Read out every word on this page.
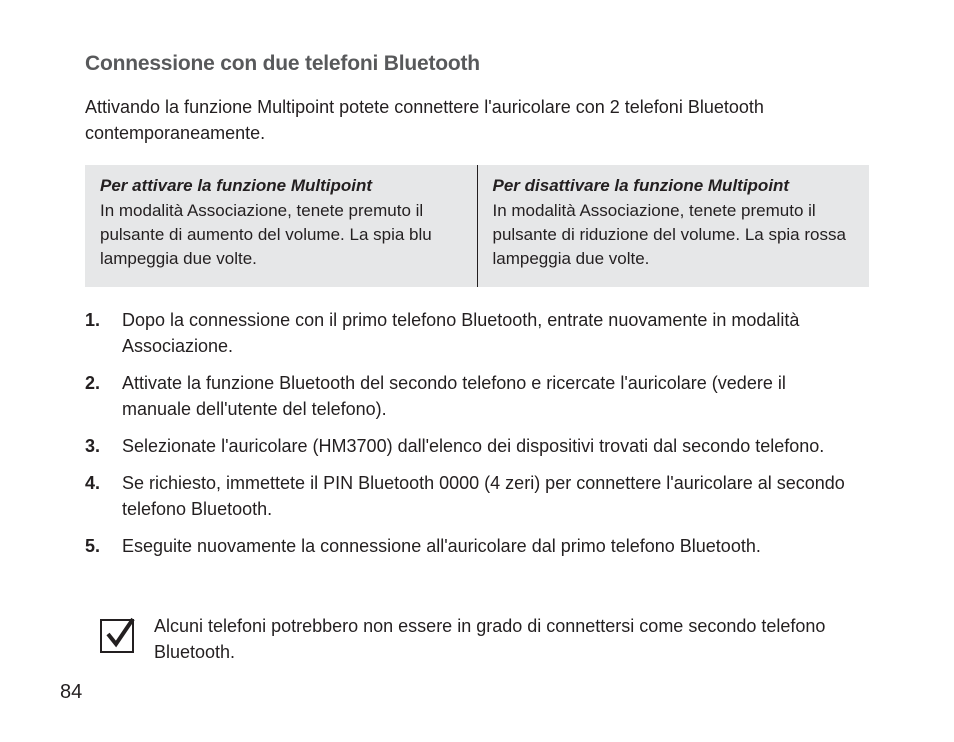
Connessione con due telefoni Bluetooth
Attivando la funzione Multipoint potete connettere l'auricolare con 2 telefoni Bluetooth contemporaneamente.
Per attivare la funzione Multipoint
In modalità Associazione, tenete premuto il pulsante di aumento del volume. La spia blu lampeggia due volte.
Per disattivare la funzione Multipoint
In modalità Associazione, tenete premuto il pulsante di riduzione del volume. La spia rossa lampeggia due volte.
1.	Dopo la connessione con il primo telefono Bluetooth, entrate nuovamente in modalità Associazione.
2.	Attivate la funzione Bluetooth del secondo telefono e ricercate l'auricolare (vedere il manuale dell'utente del telefono).
3.	Selezionate l'auricolare (HM3700) dall'elenco dei dispositivi trovati dal secondo telefono.
4.	Se richiesto, immettete il PIN Bluetooth 0000 (4 zeri) per connettere l'auricolare al secondo telefono Bluetooth.
5.	Eseguite nuovamente la connessione all'auricolare dal primo telefono Bluetooth.
Alcuni telefoni potrebbero non essere in grado di connettersi come secondo telefono Bluetooth.
84
